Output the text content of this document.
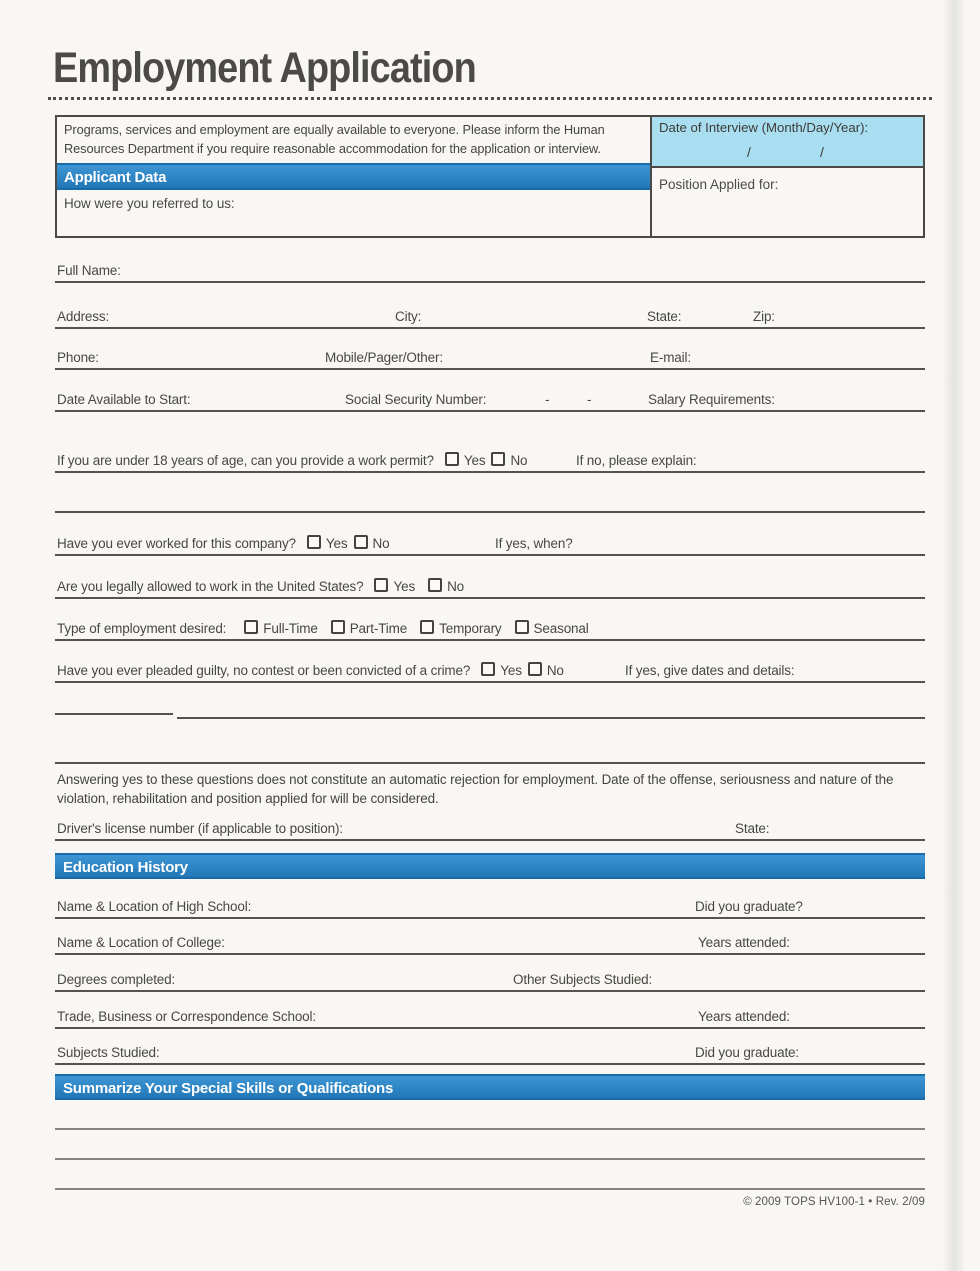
Employment Application
Programs, services and employment are equally available to everyone. Please inform the Human Resources Department if you require reasonable accommodation for the application or interview.
Applicant Data
How were you referred to us:
Date of Interview (Month/Day/Year):
/	/
Position Applied for:
Full Name:
Address:	City:	State:	Zip:
Phone:	Mobile/Pager/Other:	E-mail:
Date Available to Start:	Social Security Number:	-	-	Salary Requirements:
If you are under 18 years of age, can you provide a work permit? Yes No	If no, please explain:
Have you ever worked for this company? Yes No	If yes, when?
Are you legally allowed to work in the United States? Yes No
Type of employment desired:	Full-Time Part-Time Temporary Seasonal
Have you ever pleaded guilty, no contest or been convicted of a crime? Yes No	If yes, give dates and details:
Answering yes to these questions does not constitute an automatic rejection for employment. Date of the offense, seriousness and nature of the violation, rehabilitation and position applied for will be considered.
Driver's license number (if applicable to position):	State:
Education History
Name & Location of High School:	Did you graduate?
Name & Location of College:	Years attended:
Degrees completed:	Other Subjects Studied:
Trade, Business or Correspondence School:	Years attended:
Subjects Studied:	Did you graduate:
Summarize Your Special Skills or Qualifications
© 2009 TOPS HV100-1 • Rev. 2/09
